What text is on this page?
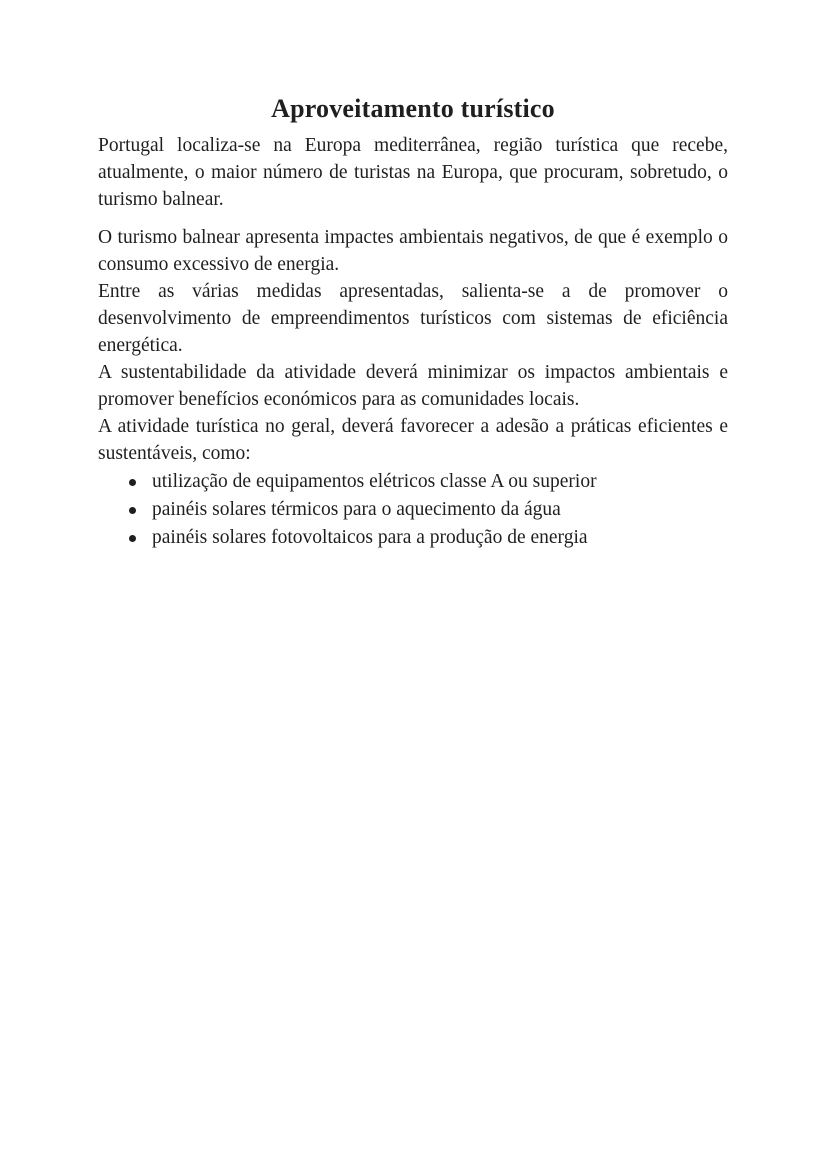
Aproveitamento turístico

Portugal localiza-se na Europa mediterrânea, região turística que recebe, atualmente, o maior número de turistas na Europa, que procuram, sobretudo, o turismo balnear.

O turismo balnear apresenta impactes ambientais negativos, de que é exemplo o consumo excessivo de energia.

Entre as várias medidas apresentadas, salienta-se a de promover o desenvolvimento de empreendimentos turísticos com sistemas de eficiência energética.

A sustentabilidade da atividade deverá minimizar os impactos ambientais e promover benefícios económicos para as comunidades locais.

A atividade turística no geral, deverá favorecer a adesão a práticas eficientes e sustentáveis, como:

utilização de equipamentos elétricos classe A ou superior
painéis solares térmicos para o aquecimento da água
painéis solares fotovoltaicos para a produção de energia
